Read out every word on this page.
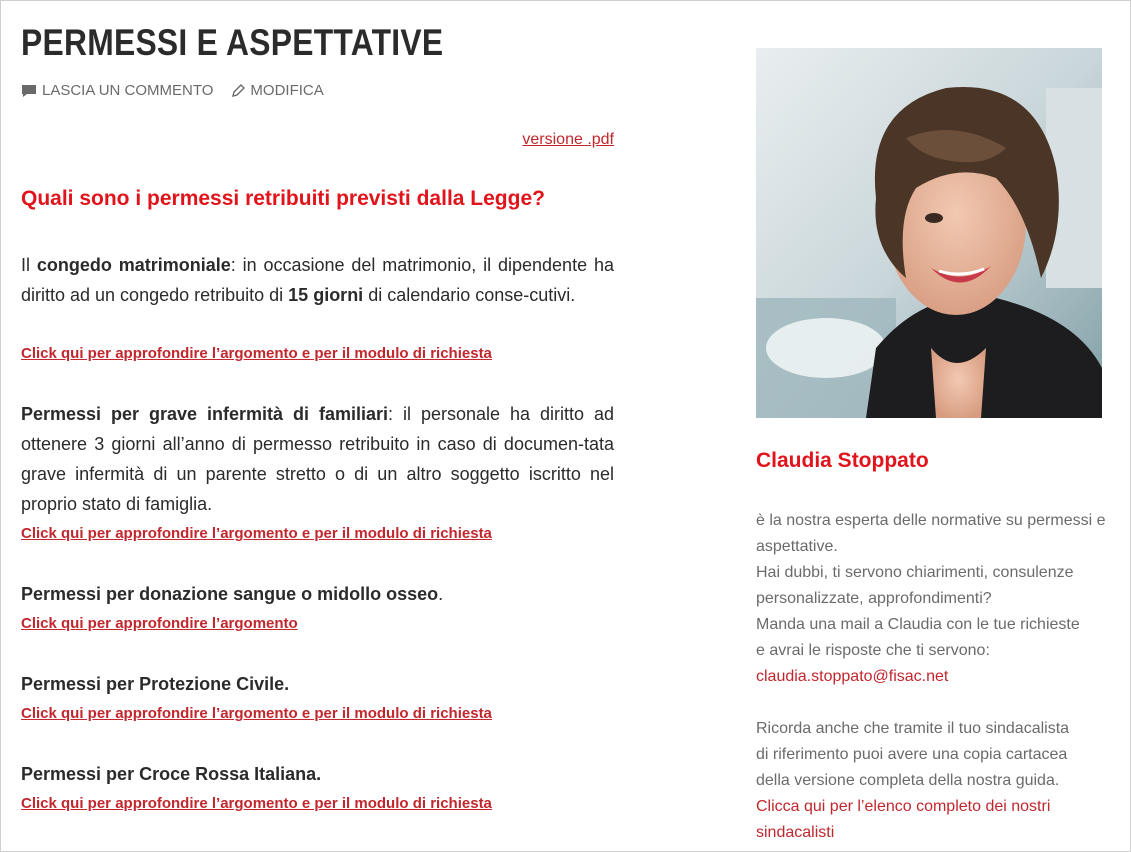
PERMESSI E ASPETTATIVE
LASCIA UN COMMENTO MODIFICA
versione .pdf
Quali sono i permessi retribuiti previsti dalla Legge?
Il congedo matrimoniale: in occasione del matrimonio, il dipendente ha diritto ad un congedo retribuito di 15 giorni di calendario conse-cutivi.
Click qui per approfondire l’argomento e per il modulo di richiesta
Permessi per grave infermità di familiari: il personale ha diritto ad ottenere 3 giorni all’anno di permesso retribuito in caso di documen-tata grave infermità di un parente stretto o di un altro soggetto iscritto nel proprio stato di famiglia.
Click qui per approfondire l’argomento e per il modulo di richiesta
Permessi per donazione sangue o midollo osseo.
Click qui per approfondire l’argomento
Permessi per Protezione Civile.
Click qui per approfondire l’argomento e per il modulo di richiesta
Permessi per Croce Rossa Italiana.
Click qui per approfondire l’argomento e per il modulo di richiesta
Claudia Stoppato
è la nostra esperta delle normative su permessi e aspettative.
Hai dubbi, ti servono chiarimenti, consulenze
personalizzate, approfondimenti?
Manda una mail a Claudia con le tue richieste
e avrai le risposte che ti servono:
claudia.stoppato@fisac.net
Ricorda anche che tramite il tuo sindacalista
di riferimento puoi avere una copia cartacea
della versione completa della nostra guida.
Clicca qui per l’elenco completo dei nostri sindacalisti
